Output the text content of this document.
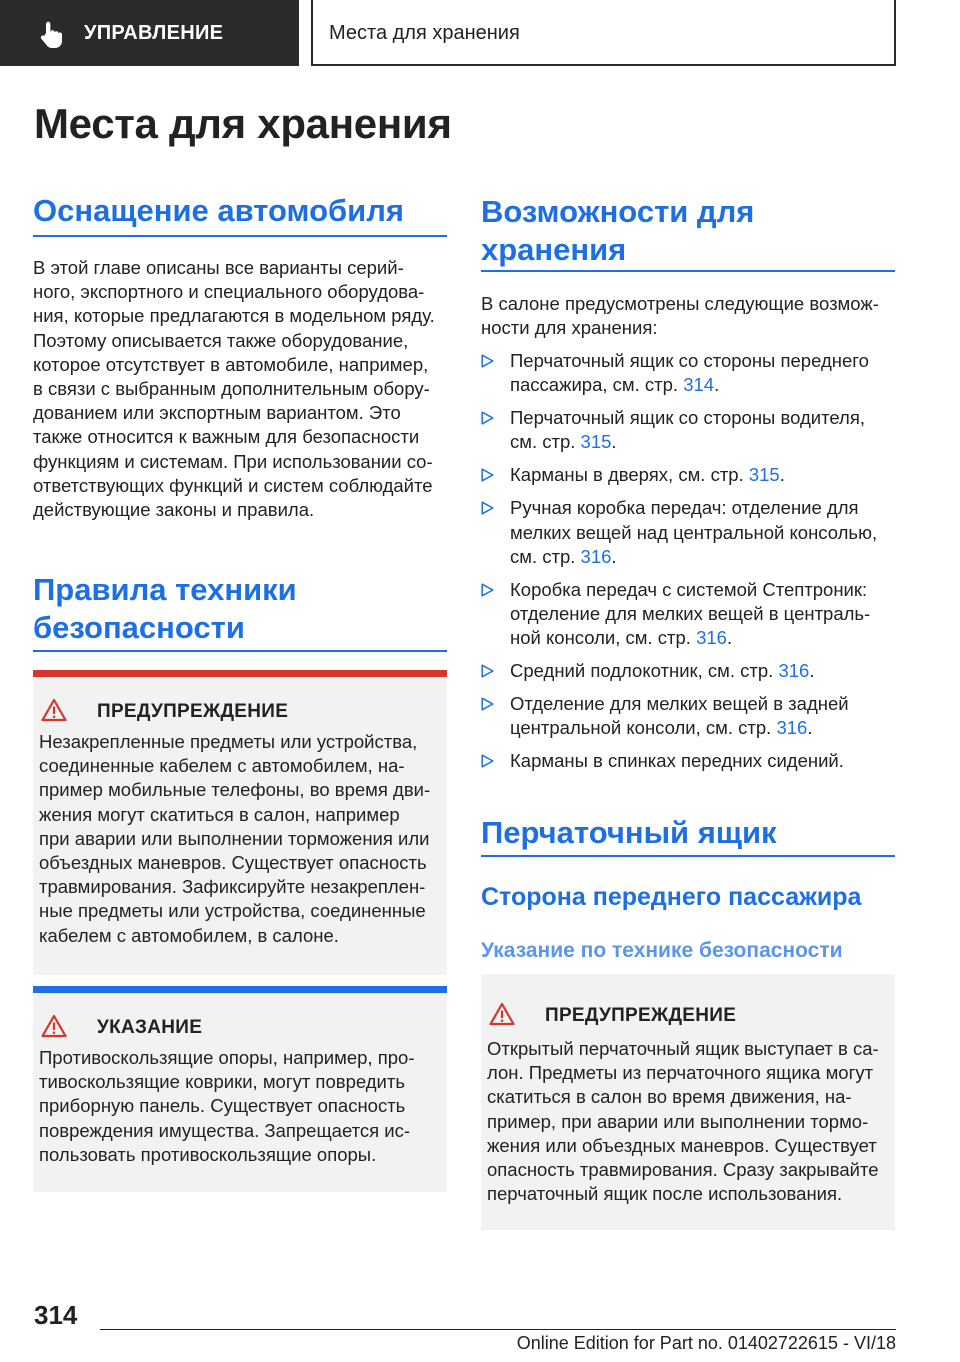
УПРАВЛЕНИЕ	Места для хранения
Места для хранения
Оснащение автомобиля
В этой главе описаны все варианты серий-
ного, экспортного и специального оборудова-
ния, которые предлагаются в модельном ряду.
Поэтому описывается также оборудование,
которое отсутствует в автомобиле, например,
в связи с выбранным дополнительным обору-
дованием или экспортным вариантом. Это
также относится к важным для безопасности
функциям и системам. При использовании со-
ответствующих функций и систем соблюдайте
действующие законы и правила.
Правила техники
безопасности
ПРЕДУПРЕЖДЕНИЕ
Незакрепленные предметы или устройства,
соединенные кабелем с автомобилем, на-
пример мобильные телефоны, во время дви-
жения могут скатиться в салон, например
при аварии или выполнении торможения или
объездных маневров. Существует опасность
травмирования. Зафиксируйте незакреплен-
ные предметы или устройства, соединенные
кабелем с автомобилем, в салоне.
УКАЗАНИЕ
Противоскользящие опоры, например, про-
тивоскользящие коврики, могут повредить
приборную панель. Существует опасность
повреждения имущества. Запрещается ис-
пользовать противоскользящие опоры.
Возможности для
хранения
В салоне предусмотрены следующие возмож-
ности для хранения:
Перчаточный ящик со стороны переднего
пассажира, см. стр. 314.
Перчаточный ящик со стороны водителя,
см. стр. 315.
Карманы в дверях, см. стр. 315.
Ручная коробка передач: отделение для
мелких вещей над центральной консолью,
см. стр. 316.
Коробка передач с системой Стептроник:
отделение для мелких вещей в централь-
ной консоли, см. стр. 316.
Средний подлокотник, см. стр. 316.
Отделение для мелких вещей в задней
центральной консоли, см. стр. 316.
Карманы в спинках передних сидений.
Перчаточный ящик
Сторона переднего пассажира
Указание по технике безопасности
ПРЕДУПРЕЖДЕНИЕ
Открытый перчаточный ящик выступает в са-
лон. Предметы из перчаточного ящика могут
скатиться в салон во время движения, на-
пример, при аварии или выполнении тормо-
жения или объездных маневров. Существует
опасность травмирования. Сразу закрывайте
перчаточный ящик после использования.
314
Online Edition for Part no. 01402722615 - VI/18
